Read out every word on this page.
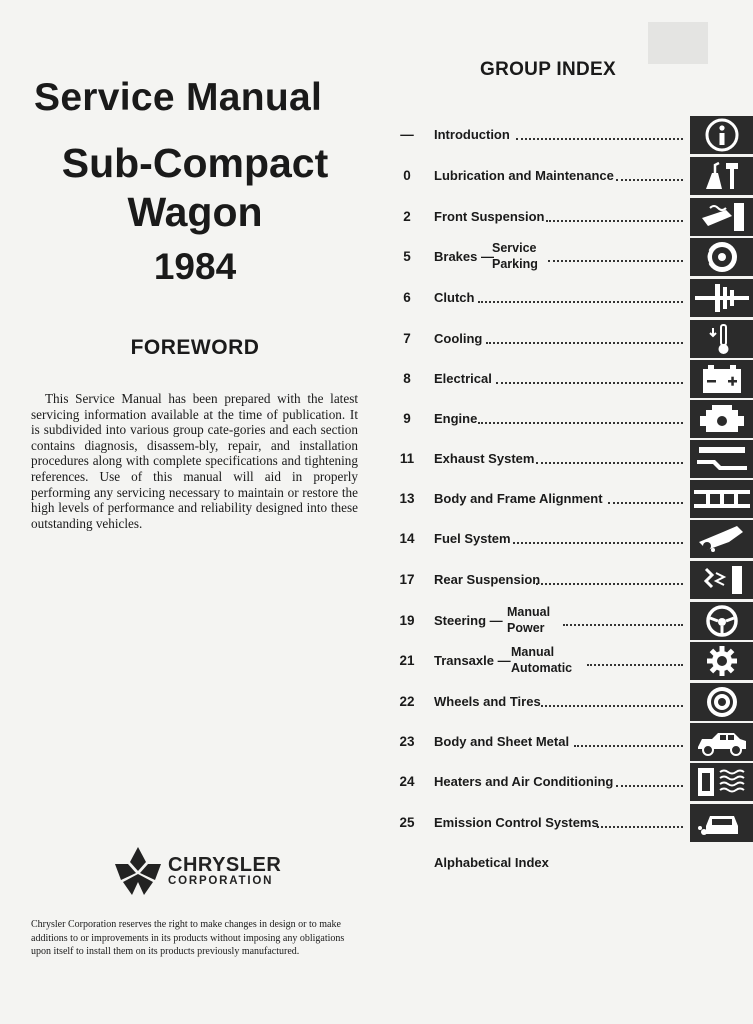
Service Manual
Sub-Compact
Wagon
1984
FOREWORD
This Service Manual has been prepared with the latest servicing information available at the time of publication. It is subdivided into various group cate-gories and each section contains diagnosis, disassem-bly, repair, and installation procedures along with complete specifications and tightening references. Use of this manual will aid in properly performing any servicing necessary to maintain or restore the high levels of performance and reliability designed into these outstanding vehicles.
CHRYSLER
CORPORATION
Chrysler Corporation reserves the right to make changes in design or to make additions to or improvements in its products without imposing any obligations upon itself to install them on its products previously manufactured.
GROUP INDEX
—	Introduction
0	Lubrication and Maintenance
2	Front Suspension
5	Brakes —
Service
Parking
6	Clutch
7	Cooling
8	Electrical
9	Engine
11	Exhaust System
13	Body and Frame Alignment
14	Fuel System
17	Rear Suspension
19	Steering —
Manual
Power
21	Transaxle —
Manual
Automatic
22	Wheels and Tires
23	Body and Sheet Metal
24	Heaters and Air Conditioning
25	Emission Control Systems
Alphabetical Index
